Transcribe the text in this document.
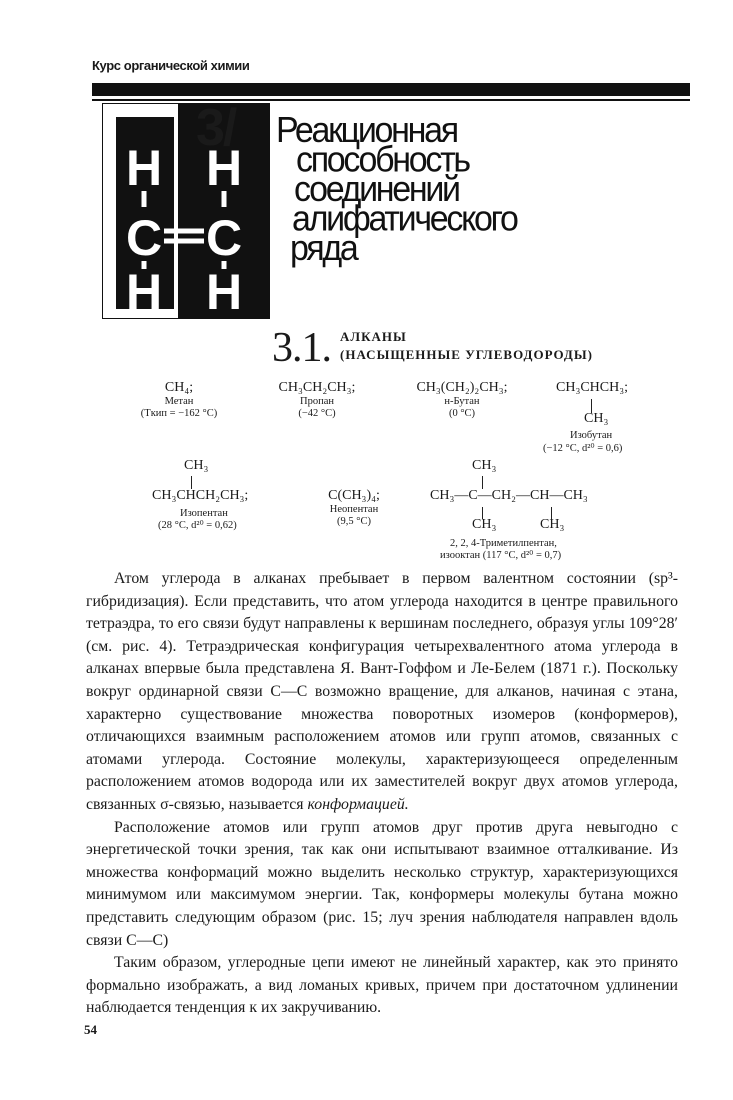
Курс органической химии
H
C
H
H
C
H
3/ Реакционная
способность
соединений
алифатического
ряда
3.1. АЛКАНЫ
(НАСЫЩЕННЫЕ УГЛЕВОДОРОДЫ)
CH₄;
Метан
(Tкип = −162 °C)
CH₃CH₂CH₃;
Пропан
(−42 °C)
CH₃(CH₂)₂CH₃;
н-Бутан
(0 °C)
CH₃CHCH₃;
CH₃
Изобутан
(−12 °C, d²⁰ = 0,6)
CH₃
CH₃CHCH₂CH₃;
Изопентан
(28 °C, d²⁰ = 0,62)
C(CH₃)₄;
Неопентан
(9,5 °C)
CH₃
CH₃—C—CH₂—CH—CH₃
CH₃	CH₃
2, 2, 4-Триметилпентан,
изооктан (117 °C, d²⁰ = 0,7)

Атом углерода в алканах пребывает в первом валентном состоянии (sp³-гибридизация). Если представить, что атом углерода находится в центре правильного тетраэдра, то его связи будут направлены к вершинам последнего, образуя углы 109°28′ (см. рис. 4). Тетраэдрическая конфигурация четырехвалентного атома углерода в алканах впервые была представлена Я. Вант-Гоффом и Ле-Белем (1871 г.). Поскольку вокруг ординарной связи С—С возможно вращение, для алканов, начиная с этана, характерно существование множества поворотных изомеров (конформеров), отличающихся взаимным расположением атомов или групп атомов, связанных с атомами углерода. Состояние молекулы, характеризующееся определенным расположением атомов водорода или их заместителей вокруг двух атомов углерода, связанных σ-связью, называется конформацией.

Расположение атомов или групп атомов друг против друга невыгодно с энергетической точки зрения, так как они испытывают взаимное отталкивание. Из множества конформаций можно выделить несколько структур, характеризующихся минимумом или максимумом энергии. Так, конформеры молекулы бутана можно представить следующим образом (рис. 15; луч зрения наблюдателя направлен вдоль связи С—С)

Таким образом, углеродные цепи имеют не линейный характер, как это принято формально изображать, а вид ломаных кривых, причем при достаточном удлинении наблюдается тенденция к их закручиванию.

54
